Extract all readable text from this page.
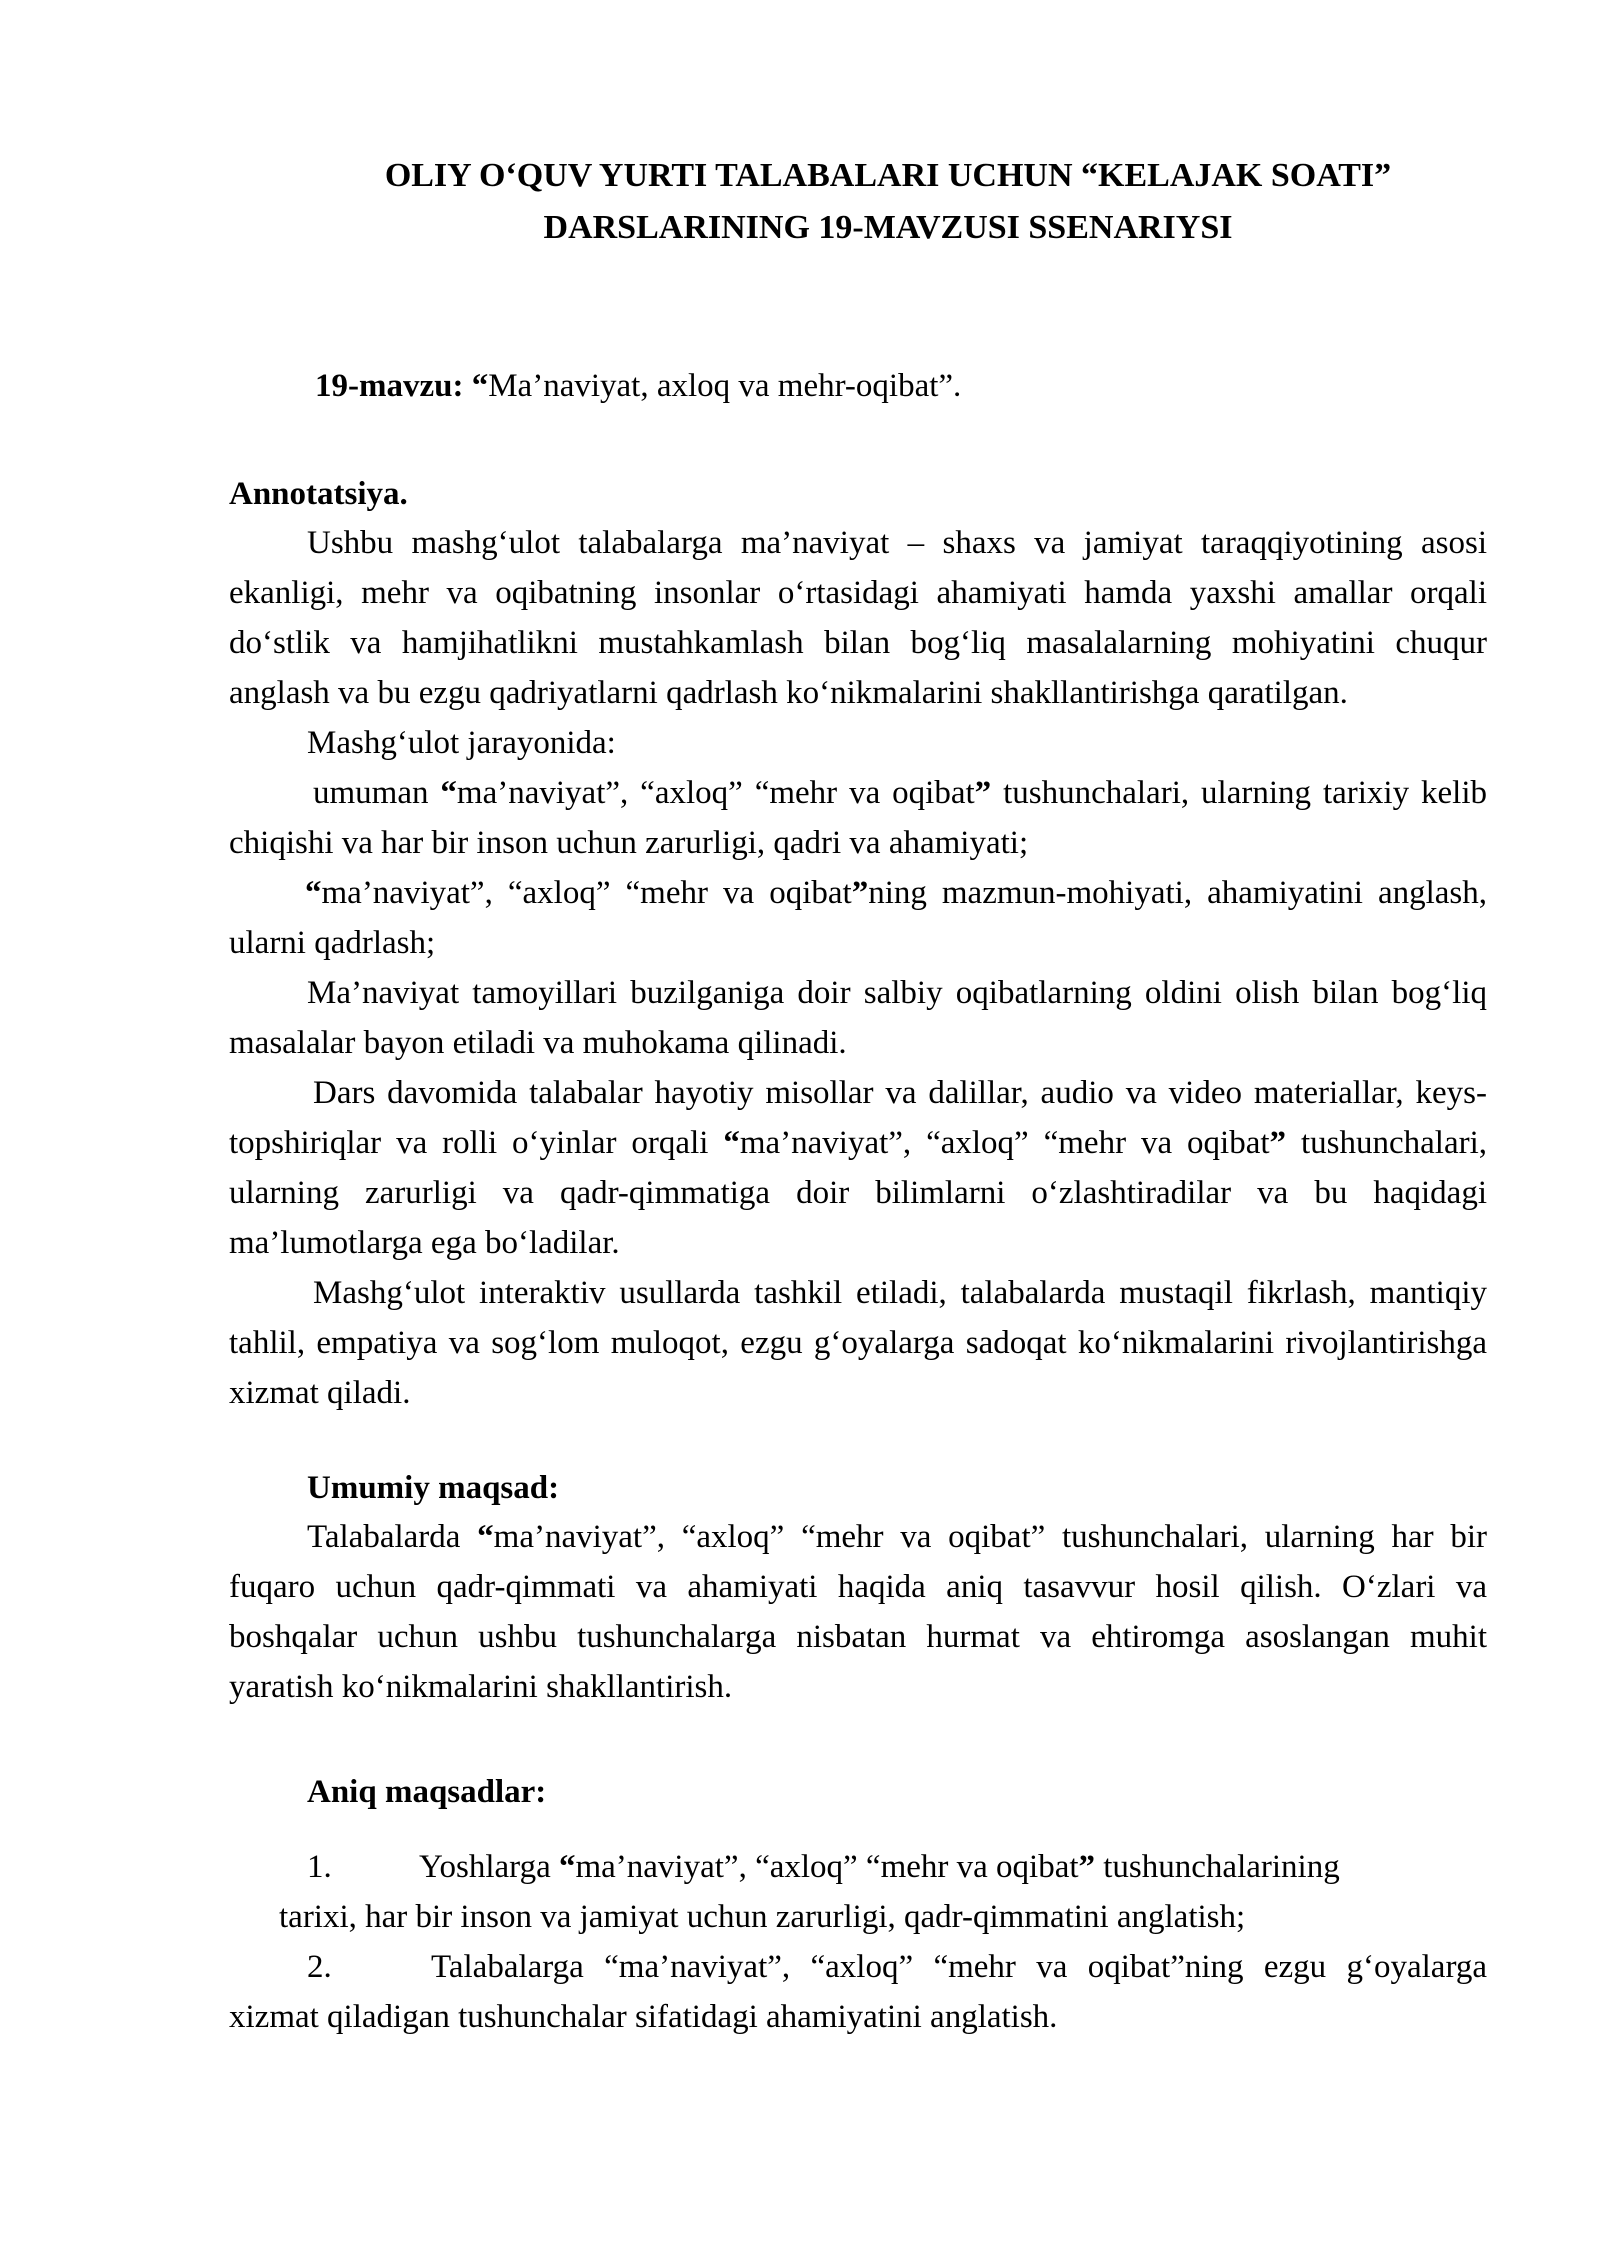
OLIY O‘QUV YURTI TALABALARI UCHUN “KELAJAK SOATI”
DARSLARINING 19-MAVZUSI SSENARIYSI
19-mavzu: “Ma’naviyat, axloq va mehr-oqibat”.
Annotatsiya.

Ushbu mashg‘ulot talabalarga ma’naviyat – shaxs va jamiyat taraqqiyotining asosi ekanligi, mehr va oqibatning insonlar o‘rtasidagi ahamiyati hamda yaxshi amallar orqali do‘stlik va hamjihatlikni mustahkamlash bilan bog‘liq masalalarning mohiyatini chuqur anglash va bu ezgu qadriyatlarni qadrlash ko‘nikmalarini shakllantirishga qaratilgan.

Mashg‘ulot jarayonida:

umuman “ma’naviyat”, “axloq” “mehr va oqibat” tushunchalari, ularning tarixiy kelib chiqishi va har bir inson uchun zarurligi, qadri va ahamiyati;

“ma’naviyat”, “axloq” “mehr va oqibat”ning mazmun-mohiyati, ahamiyatini anglash, ularni qadrlash;

Ma’naviyat tamoyillari buzilganiga doir salbiy oqibatlarning oldini olish bilan bog‘liq masalalar bayon etiladi va muhokama qilinadi.

Dars davomida talabalar hayotiy misollar va dalillar, audio va video materiallar, keys-topshiriqlar va rolli o‘yinlar orqali “ma’naviyat”, “axloq” “mehr va oqibat” tushunchalari, ularning zarurligi va qadr-qimmatiga doir bilimlarni o‘zlashtiradilar va bu haqidagi ma’lumotlarga ega bo‘ladilar.

Mashg‘ulot interaktiv usullarda tashkil etiladi, talabalarda mustaqil fikrlash, mantiqiy tahlil, empatiya va sog‘lom muloqot, ezgu g‘oyalarga sadoqat ko‘nikmalarini rivojlantirishga xizmat qiladi.

Umumiy maqsad:

Talabalarda “ma’naviyat”, “axloq” “mehr va oqibat” tushunchalari, ularning har bir fuqaro uchun qadr-qimmati va ahamiyati haqida aniq tasavvur hosil qilish. O‘zlari va boshqalar uchun ushbu tushunchalarga nisbatan hurmat va ehtiromga asoslangan muhit yaratish ko‘nikmalarini shakllantirish.

Aniq maqsadlar:
1.	Yoshlarga “ma’naviyat”, “axloq” “mehr va oqibat” tushunchalarining
tarixi, har bir inson va jamiyat uchun zarurligi, qadr-qimmatini anglatish;

2.	Talabalarga “ma’naviyat”, “axloq” “mehr va oqibat”ning ezgu g‘oyalarga xizmat qiladigan tushunchalar sifatidagi ahamiyatini anglatish.
